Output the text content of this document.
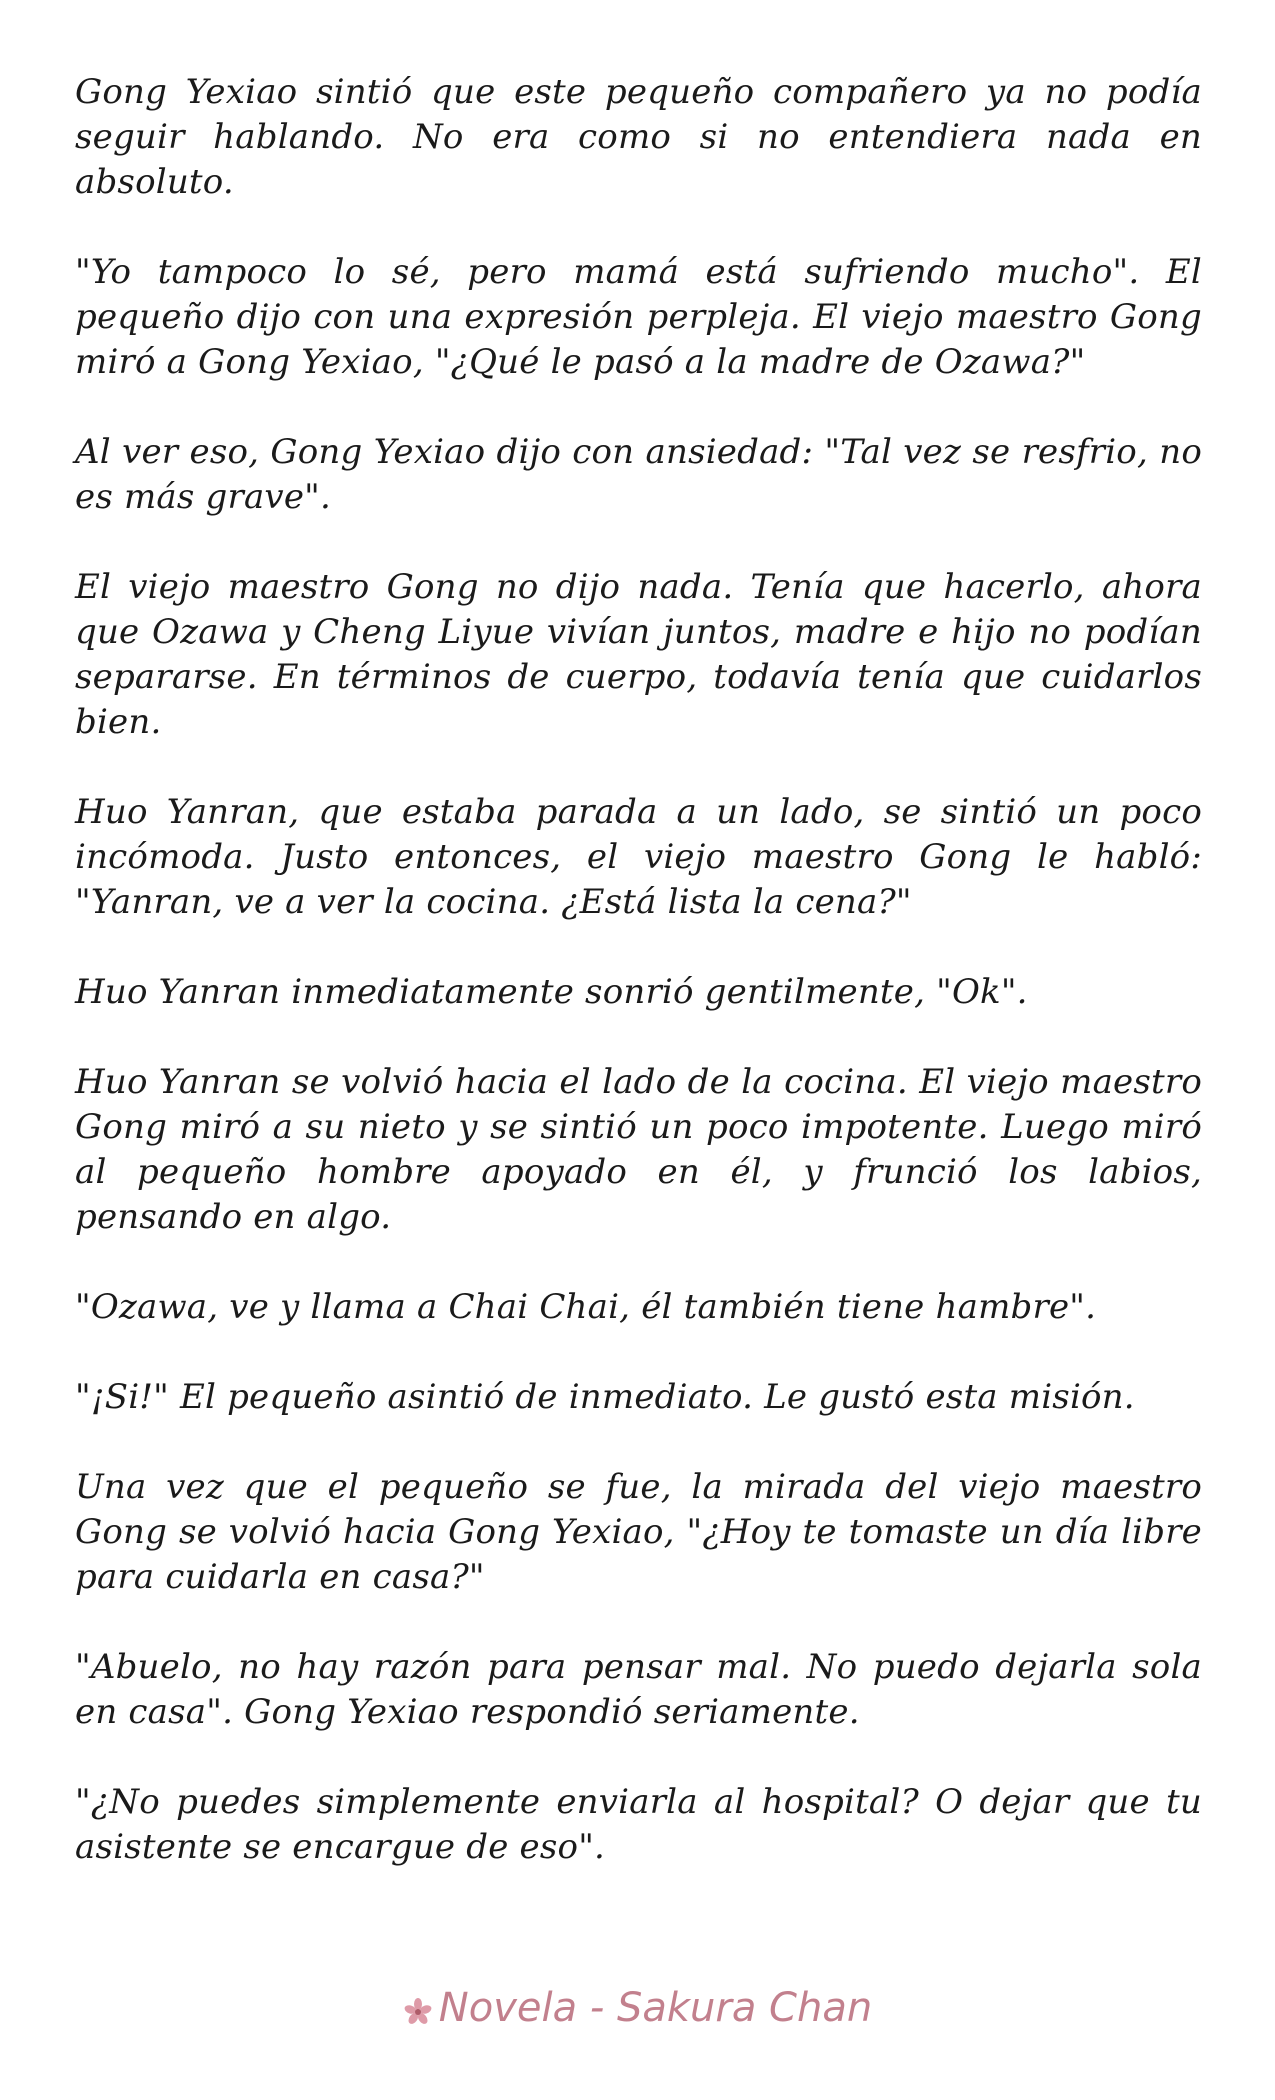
Gong Yexiao sintió que este pequeño compañero ya no podía seguir hablando. No era como si no entendiera nada en absoluto.

"Yo tampoco lo sé, pero mamá está sufriendo mucho". El pequeño dijo con una expresión perpleja. El viejo maestro Gong miró a Gong Yexiao, "¿Qué le pasó a la madre de Ozawa?"

Al ver eso, Gong Yexiao dijo con ansiedad: "Tal vez se resfrio, no es más grave".

El viejo maestro Gong no dijo nada. Tenía que hacerlo, ahora que Ozawa y Cheng Liyue vivían juntos, madre e hijo no podían separarse. En términos de cuerpo, todavía tenía que cuidarlos bien.

Huo Yanran, que estaba parada a un lado, se sintió un poco incómoda. Justo entonces, el viejo maestro Gong le habló: "Yanran, ve a ver la cocina. ¿Está lista la cena?"

Huo Yanran inmediatamente sonrió gentilmente, "Ok".

Huo Yanran se volvió hacia el lado de la cocina. El viejo maestro Gong miró a su nieto y se sintió un poco impotente. Luego miró al pequeño hombre apoyado en él, y frunció los labios, pensando en algo.

"Ozawa, ve y llama a Chai Chai, él también tiene hambre".

"¡Si!" El pequeño asintió de inmediato. Le gustó esta misión.

Una vez que el pequeño se fue, la mirada del viejo maestro Gong se volvió hacia Gong Yexiao, "¿Hoy te tomaste un día libre para cuidarla en casa?"

"Abuelo, no hay razón para pensar mal. No puedo dejarla sola en casa". Gong Yexiao respondió seriamente.

"¿No puedes simplemente enviarla al hospital? O dejar que tu asistente se encargue de eso".

Novela - Sakura Chan
